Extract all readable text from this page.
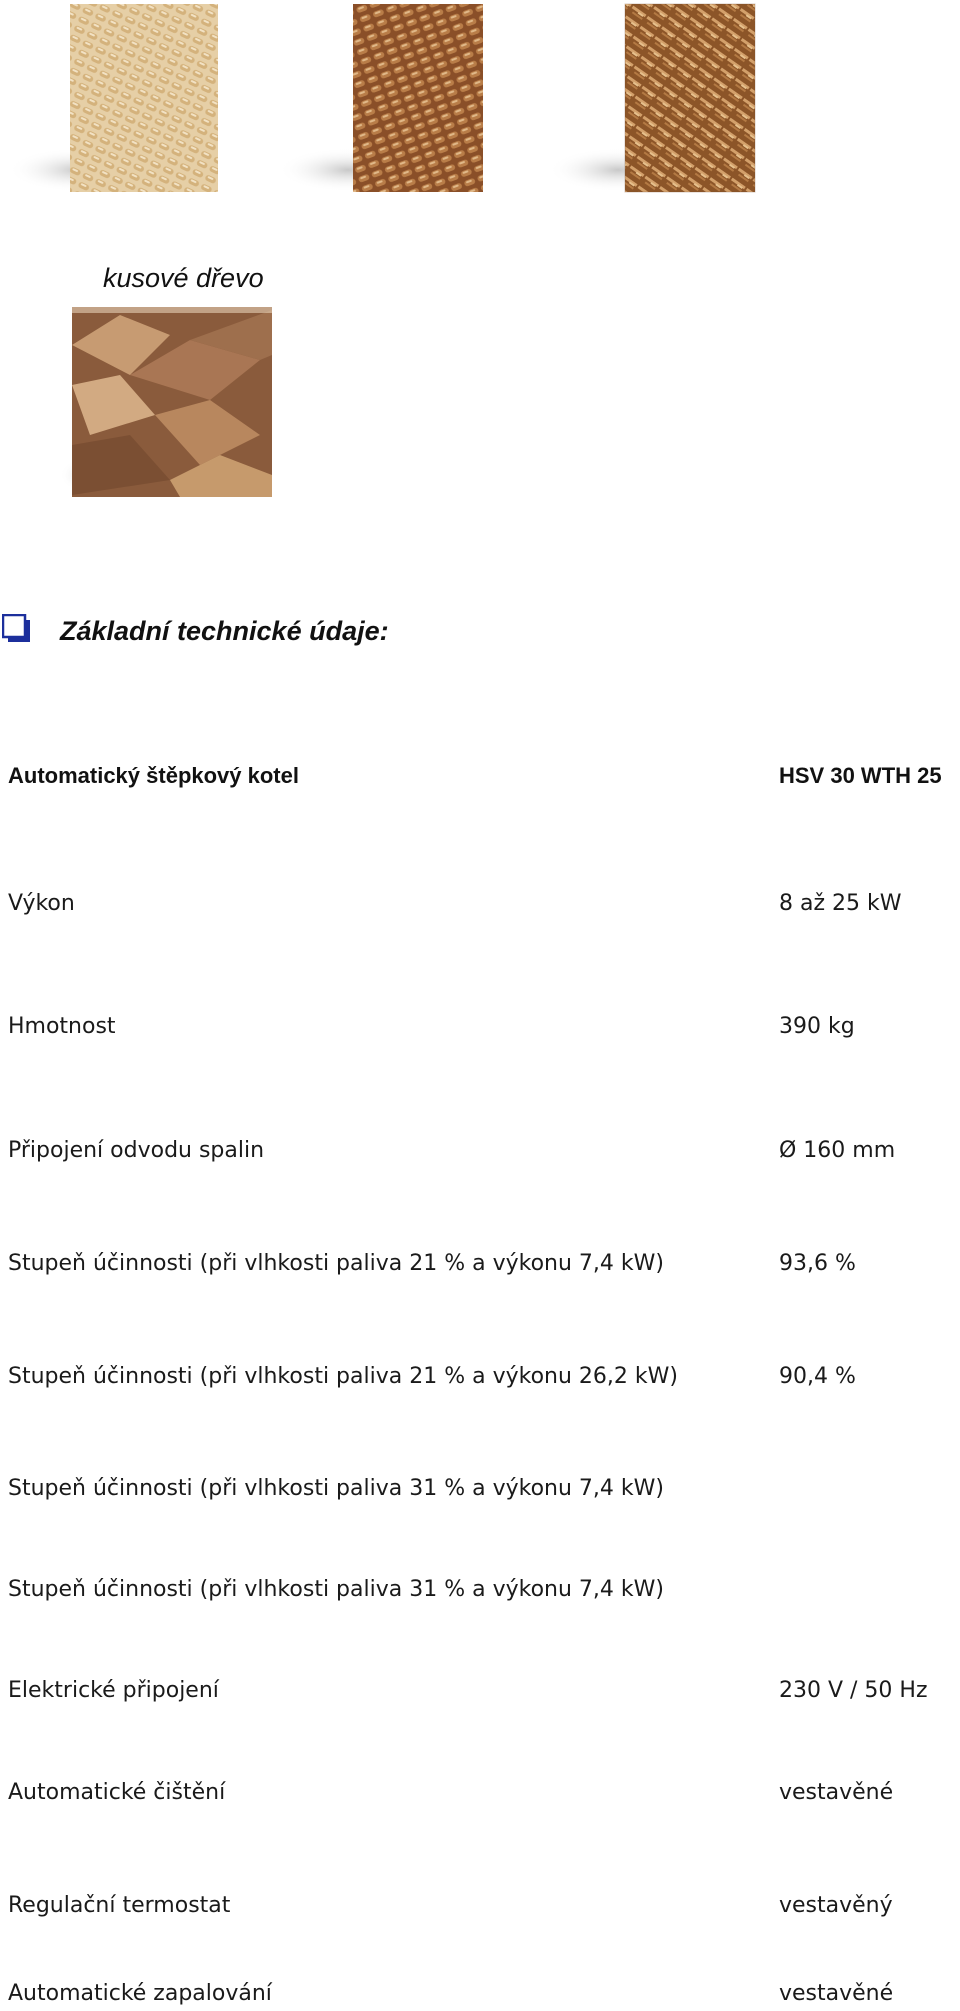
kusové dřevo
Základní technické údaje:
Automatický štěpkový kotel	HSV 30 WTH 25
Výkon	8 až 25 kW
Hmotnost	390 kg
Připojení odvodu spalin	Ø 160 mm
Stupeň účinnosti (při vlhkosti paliva 21 % a výkonu 7,4 kW)	93,6 %
Stupeň účinnosti (při vlhkosti paliva 21 % a výkonu 26,2 kW)	90,4 %
Stupeň účinnosti (při vlhkosti paliva 31 % a výkonu 7,4 kW)
Stupeň účinnosti (při vlhkosti paliva 31 % a výkonu 7,4 kW)
Elektrické připojení	230 V / 50 Hz
Automatické čištění	vestavěné
Regulační termostat	vestavěný
Automatické zapalování	vestavěné
